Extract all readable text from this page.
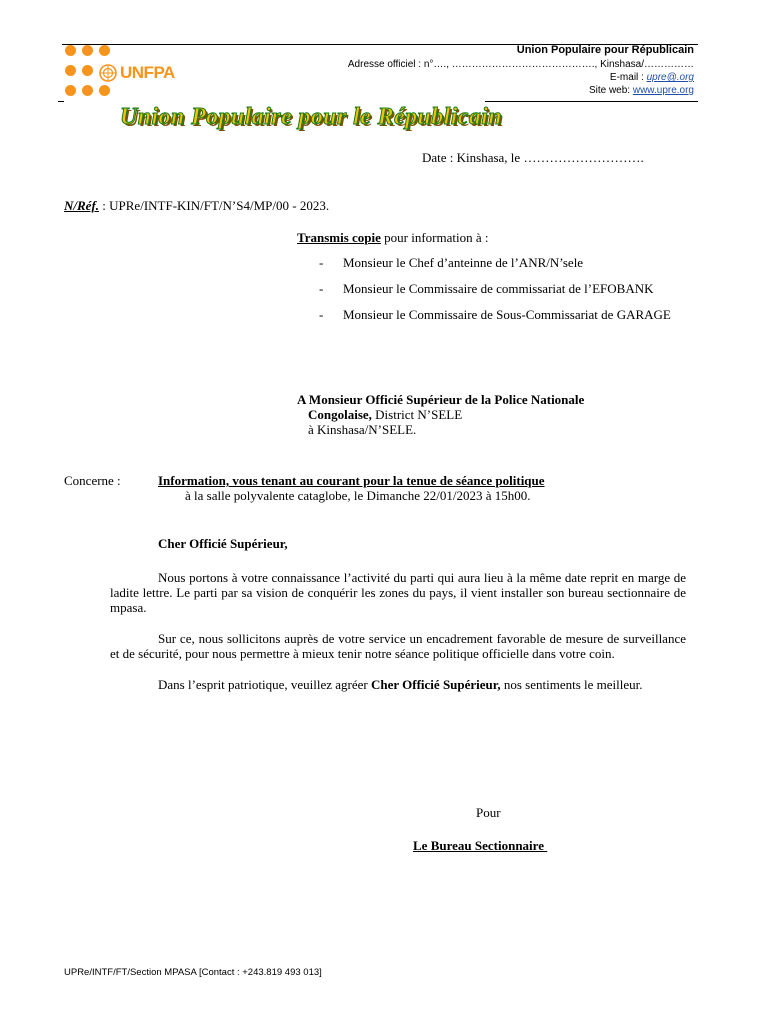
UNFPA
Union Populaire pour Républicain
Adresse officiel : n°…., ……………………………………., Kinshasa/……………
E-mail : upre@.org
Site web: www.upre.org
Union Populaire pour le Républicain
Date : Kinshasa, le ……………………….
N/Réf. : UPRe/INTF-KIN/FT/N’S4/MP/00 - 2023.
Transmis copie pour information à :
- Monsieur le Chef d’anteinne de l’ANR/N’sele
- Monsieur le Commissaire de commissariat de l’EFOBANK
- Monsieur le Commissaire de Sous-Commissariat de GARAGE
A Monsieur Officié Supérieur de la Police Nationale
Congolaise, District N’SELE
à Kinshasa/N’SELE.
Concerne :	Information, vous tenant au courant pour la tenue de séance politique
à la salle polyvalente cataglobe, le Dimanche 22/01/2023 à 15h00.
Cher Officié Supérieur,

Nous portons à votre connaissance l’activité du parti qui aura lieu à la même date reprit en marge de ladite lettre. Le parti par sa vision de conquérir les zones du pays, il vient installer son bureau sectionnaire de mpasa.

Sur ce, nous sollicitons auprès de votre service un encadrement favorable de mesure de surveillance et de sécurité, pour nous permettre à mieux tenir notre séance politique officielle dans votre coin.

Dans l’esprit patriotique, veuillez agréer Cher Officié Supérieur, nos sentiments le meilleur.

Pour
Le Bureau Sectionnaire
UPRe/INTF/FT/Section MPASA [Contact : +243.819 493 013]
